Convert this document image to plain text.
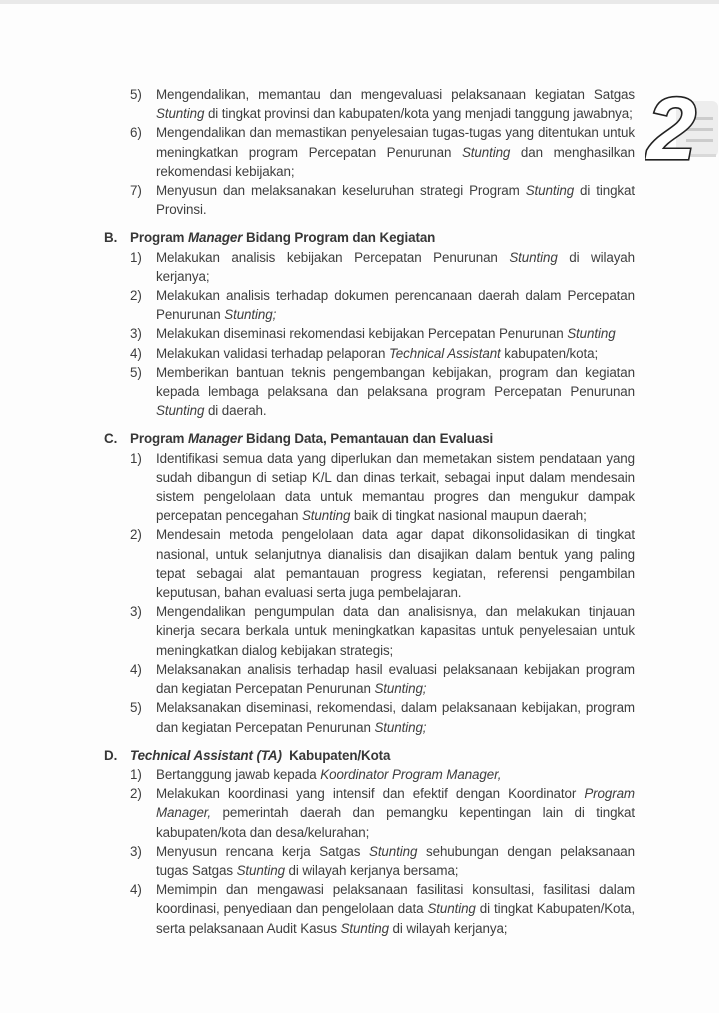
5)	Mengendalikan, memantau dan mengevaluasi pelaksanaan kegiatan Satgas Stunting di tingkat provinsi dan kabupaten/kota yang menjadi tanggung jawabnya;
6)	Mengendalikan dan memastikan penyelesaian tugas-tugas yang ditentukan untuk meningkatkan program Percepatan Penurunan Stunting dan menghasilkan rekomendasi kebijakan;
7)	Menyusun dan melaksanakan keseluruhan strategi Program Stunting di tingkat Provinsi.
B. Program Manager Bidang Program dan Kegiatan
1)	Melakukan analisis kebijakan Percepatan Penurunan Stunting di wilayah kerjanya;
2)	Melakukan analisis terhadap dokumen perencanaan daerah dalam Percepatan Penurunan Stunting;
3)	Melakukan diseminasi rekomendasi kebijakan Percepatan Penurunan Stunting
4)	Melakukan validasi terhadap pelaporan Technical Assistant kabupaten/kota;
5)	Memberikan bantuan teknis pengembangan kebijakan, program dan kegiatan kepada lembaga pelaksana dan pelaksana program Percepatan Penurunan Stunting di daerah.
C. Program Manager Bidang Data, Pemantauan dan Evaluasi
1)	Identifikasi semua data yang diperlukan dan memetakan sistem pendataan yang sudah dibangun di setiap K/L dan dinas terkait, sebagai input dalam mendesain sistem pengelolaan data untuk memantau progres dan mengukur dampak percepatan pencegahan Stunting baik di tingkat nasional maupun daerah;
2)	Mendesain metoda pengelolaan data agar dapat dikonsolidasikan di tingkat nasional, untuk selanjutnya dianalisis dan disajikan dalam bentuk yang paling tepat sebagai alat pemantauan progress kegiatan, referensi pengambilan keputusan, bahan evaluasi serta juga pembelajaran.
3)	Mengendalikan pengumpulan data dan analisisnya, dan melakukan tinjauan kinerja secara berkala untuk meningkatkan kapasitas untuk penyelesaian untuk meningkatkan dialog kebijakan strategis;
4)	Melaksanakan analisis terhadap hasil evaluasi pelaksanaan kebijakan program dan kegiatan Percepatan Penurunan Stunting;
5)	Melaksanakan diseminasi, rekomendasi, dalam pelaksanaan kebijakan, program dan kegiatan Percepatan Penurunan Stunting;
D. Technical Assistant (TA)  Kabupaten/Kota
1)	Bertanggung jawab kepada Koordinator Program Manager,
2)	Melakukan koordinasi yang intensif dan efektif dengan Koordinator Program Manager, pemerintah daerah dan pemangku kepentingan lain di tingkat kabupaten/kota dan desa/kelurahan;
3)	Menyusun rencana kerja Satgas Stunting sehubungan dengan pelaksanaan tugas Satgas Stunting di wilayah kerjanya bersama;
4)	Memimpin dan mengawasi pelaksanaan fasilitasi konsultasi, fasilitasi dalam koordinasi, penyediaan dan pengelolaan data Stunting di tingkat Kabupaten/Kota, serta pelaksanaan Audit Kasus Stunting di wilayah kerjanya;
2
